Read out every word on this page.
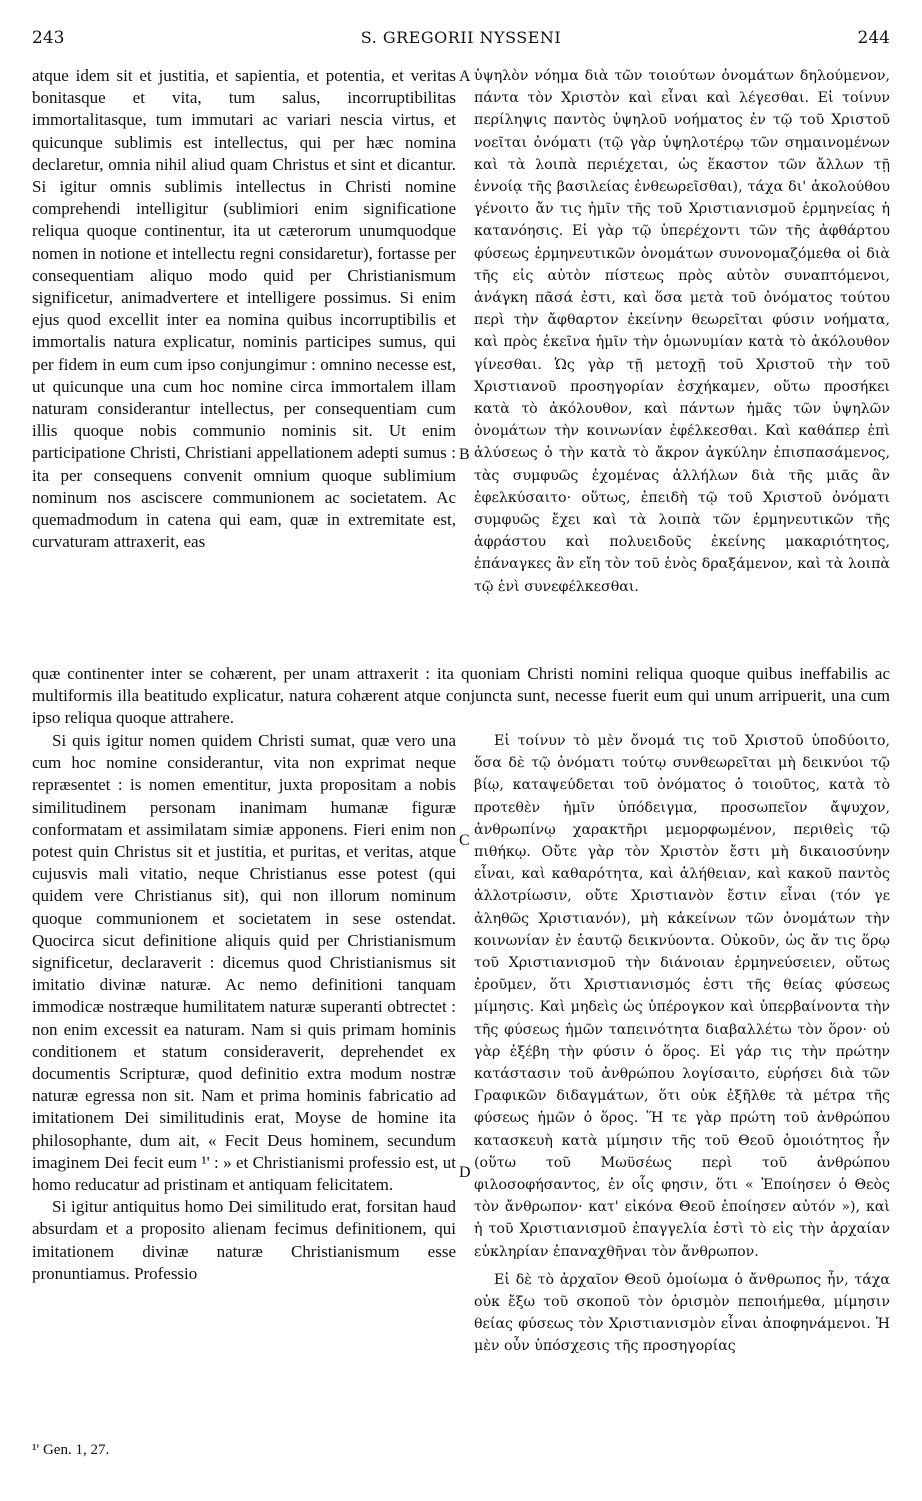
243	S. GREGORII NYSSENI	244

atque idem sit et justitia, et sapientia, et potentia, et veritas bonitasque et vita, tum salus, incorruptibilitas immortalitasque, tum immutari ac variari nescia virtus, et quicunque sublimis est intellectus, qui per hæc nomina declaretur, omnia nihil aliud quam Christus et sint et dicantur. Si igitur omnis sublimis intellectus in Christi nomine comprehendi intelligitur (sublimiori enim significatione reliqua quoque continentur, ita ut cæterorum unumquodque nomen in notione et intellectu regni considaretur), fortasse per consequentiam aliquo modo quid per Christianismum significetur, animadvertere et intelligere possimus. Si enim ejus quod excellit inter ea nomina quibus incorruptibilis et immortalis natura explicatur, nominis participes sumus, qui per fidem in eum cum ipso conjungimur : omnino necesse est, ut quicunque una cum hoc nomine circa immortalem illam naturam considerantur intellectus, per consequentiam cum illis quoque nobis communio nominis sit. Ut enim participatione Christi, Christiani appellationem adepti sumus : ita per consequens convenit omnium quoque sublimium nominum nos asciscere communionem ac societatem. Ac quemadmodum in catena qui eam, quæ in extremitate est, curvaturam attraxerit, eas

ὑψηλὸν νόημα διὰ τῶν τοιούτων ὀνομάτων δηλούμενον, πάντα τὸν Χριστὸν καὶ εἶναι καὶ λέγεσθαι. Εἰ τοίνυν περίληψις παντὸς ὑψηλοῦ νοήματος ἐν τῷ τοῦ Χριστοῦ νοεῖται ὀνόματι (τῷ γὰρ ὑψηλοτέρῳ τῶν σημαινομένων καὶ τὰ λοιπὰ περιέχεται, ὡς ἕκαστον τῶν ἄλλων τῇ ἐννοίᾳ τῆς βασιλείας ἐνθεωρεῖσθαι), τάχα δι' ἀκολούθου γένοιτο ἄν τις ἡμῖν τῆς τοῦ Χριστιανισμοῦ ἑρμηνείας ἡ κατανόησις. Εἰ γὰρ τῷ ὑπερέχοντι τῶν τῆς ἀφθάρτου φύσεως ἑρμηνευτικῶν ὀνομάτων συνονομαζόμεθα οἱ διὰ τῆς εἰς αὐτὸν πίστεως πρὸς αὐτὸν συναπτόμενοι, ἀνάγκη πᾶσά ἐστι, καὶ ὅσα μετὰ τοῦ ὀνόματος τούτου περὶ τὴν ἄφθαρτον ἐκείνην θεωρεῖται φύσιν νοήματα, καὶ πρὸς ἐκεῖνα ἡμῖν τὴν ὁμωνυμίαν κατὰ τὸ ἀκόλουθον γίνεσθαι. Ὡς γὰρ τῇ μετοχῇ τοῦ Χριστοῦ τὴν τοῦ Χριστιανοῦ προσηγορίαν ἐσχήκαμεν, οὕτω προσήκει κατὰ τὸ ἀκόλουθον, καὶ πάντων ἡμᾶς τῶν ὑψηλῶν ὀνομάτων τὴν κοινωνίαν ἐφέλκεσθαι. Καὶ καθάπερ ἐπὶ ἁλύσεως ὁ τὴν κατὰ τὸ ἄκρον ἀγκύλην ἐπισπασάμενος, τὰς συμφυῶς ἐχομένας ἀλλήλων διὰ τῆς μιᾶς ἂν ἐφελκύσαιτο· οὕτως, ἐπειδὴ τῷ τοῦ Χριστοῦ ὀνόματι συμφυῶς ἔχει καὶ τὰ λοιπὰ τῶν ἑρμηνευτικῶν τῆς ἀφράστου καὶ πολυειδοῦς ἐκείνης μακαριότητος, ἐπάναγκες ἂν εἴη τὸν τοῦ ἑνὸς δραξάμενον, καὶ τὰ λοιπὰ τῷ ἑνὶ συνεφέλκεσθαι.

quæ continenter inter se cohærent, per unam attraxerit : ita quoniam Christi nomini reliqua quoque quibus ineffabilis ac multiformis illa beatitudo explicatur, natura cohærent atque conjuncta sunt, necesse fuerit eum qui unum arripuerit, una cum ipso reliqua quoque attrahere.

Si quis igitur nomen quidem Christi sumat, quæ vero una cum hoc nomine considerantur, vita non exprimat neque repræsentet : is nomen ementitur, juxta propositam a nobis similitudinem personam inanimam humanæ figuræ conformatam et assimilatam simiæ apponens. Fieri enim non potest quin Christus sit et justitia, et puritas, et veritas, atque cujusvis mali vitatio, neque Christianus esse potest (qui quidem vere Christianus sit), qui non illorum nominum quoque communionem et societatem in sese ostendat. Quocirca sicut definitione aliquis quid per Christianismum significetur, declaraverit : dicemus quod Christianismus sit imitatio divinæ naturæ. Ac nemo definitioni tanquam immodicæ nostræque humilitatem naturæ superanti obtrectet : non enim excessit ea naturam. Nam si quis primam hominis conditionem et statum consideraverit, deprehendet ex documentis Scripturæ, quod definitio extra modum nostræ naturæ egressa non sit. Nam et prima hominis fabricatio ad imitationem Dei similitudinis erat, Moyse de homine ita philosophante, dum ait, « Fecit Deus hominem, secundum imaginem Dei fecit eum ¹' : » et Christianismi professio est, ut homo reducatur ad pristinam et antiquam felicitatem.

Si igitur antiquitus homo Dei similitudo erat, forsitan haud absurdam et a proposito alienam fecimus definitionem, qui imitationem divinæ naturæ Christianismum esse pronuntiamus. Professio

Εἰ τοίνυν τὸ μὲν ὄνομά τις τοῦ Χριστοῦ ὑποδύοιτο, ὅσα δὲ τῷ ὀνόματι τούτῳ συνθεωρεῖται μὴ δεικνύοι τῷ βίῳ, καταψεύδεται τοῦ ὀνόματος ὁ τοιοῦτος, κατὰ τὸ προτεθὲν ἡμῖν ὑπόδειγμα, προσωπεῖον ἄψυχον, ἀνθρωπίνῳ χαρακτῆρι μεμορφωμένον, περιθεὶς τῷ πιθήκῳ. Οὔτε γὰρ τὸν Χριστὸν ἔστι μὴ δικαιοσύνην εἶναι, καὶ καθαρότητα, καὶ ἀλήθειαν, καὶ κακοῦ παντὸς ἀλλοτρίωσιν, οὔτε Χριστιανὸν ἔστιν εἶναι (τόν γε ἀληθῶς Χριστιανόν), μὴ κἀκείνων τῶν ὀνομάτων τὴν κοινωνίαν ἐν ἑαυτῷ δεικνύοντα. Οὐκοῦν, ὡς ἄν τις ὅρῳ τοῦ Χριστιανισμοῦ τὴν διάνοιαν ἑρμηνεύσειεν, οὕτως ἐροῦμεν, ὅτι Χριστιανισμός ἐστι τῆς θείας φύσεως μίμησις. Καὶ μηδεὶς ὡς ὑπέρογκον καὶ ὑπερβαίνοντα τὴν τῆς φύσεως ἡμῶν ταπεινότητα διαβαλλέτω τὸν ὅρον· οὐ γὰρ ἐξέβη τὴν φύσιν ὁ ὅρος. Εἰ γάρ τις τὴν πρώτην κατάστασιν τοῦ ἀνθρώπου λογίσαιτο, εὑρήσει διὰ τῶν Γραφικῶν διδαγμάτων, ὅτι οὐκ ἐξῆλθε τὰ μέτρα τῆς φύσεως ἡμῶν ὁ ὅρος. Ἥ τε γὰρ πρώτη τοῦ ἀνθρώπου κατασκευὴ κατὰ μίμησιν τῆς τοῦ Θεοῦ ὁμοιότητος ἦν (οὕτω τοῦ Μωϋσέως περὶ τοῦ ἀνθρώπου φιλοσοφήσαντος, ἐν οἷς φησιν, ὅτι « Ἐποίησεν ὁ Θεὸς τὸν ἄνθρωπον· κατ' εἰκόνα Θεοῦ ἐποίησεν αὐτόν »), καὶ ἡ τοῦ Χριστιανισμοῦ ἐπαγγελία ἐστὶ τὸ εἰς τὴν ἀρχαίαν εὐκληρίαν ἐπαναχθῆναι τὸν ἄνθρωπον.

Εἰ δὲ τὸ ἀρχαῖον Θεοῦ ὁμοίωμα ὁ ἄνθρωπος ἦν, τάχα οὐκ ἔξω τοῦ σκοποῦ τὸν ὁρισμὸν πεποιήμεθα, μίμησιν θείας φύσεως τὸν Χριστιανισμὸν εἶναι ἀποφηνάμενοι. Ἡ μὲν οὖν ὑπόσχεσις τῆς προσηγορίας

A
B
C
D
¹' Gen. 1, 27.
